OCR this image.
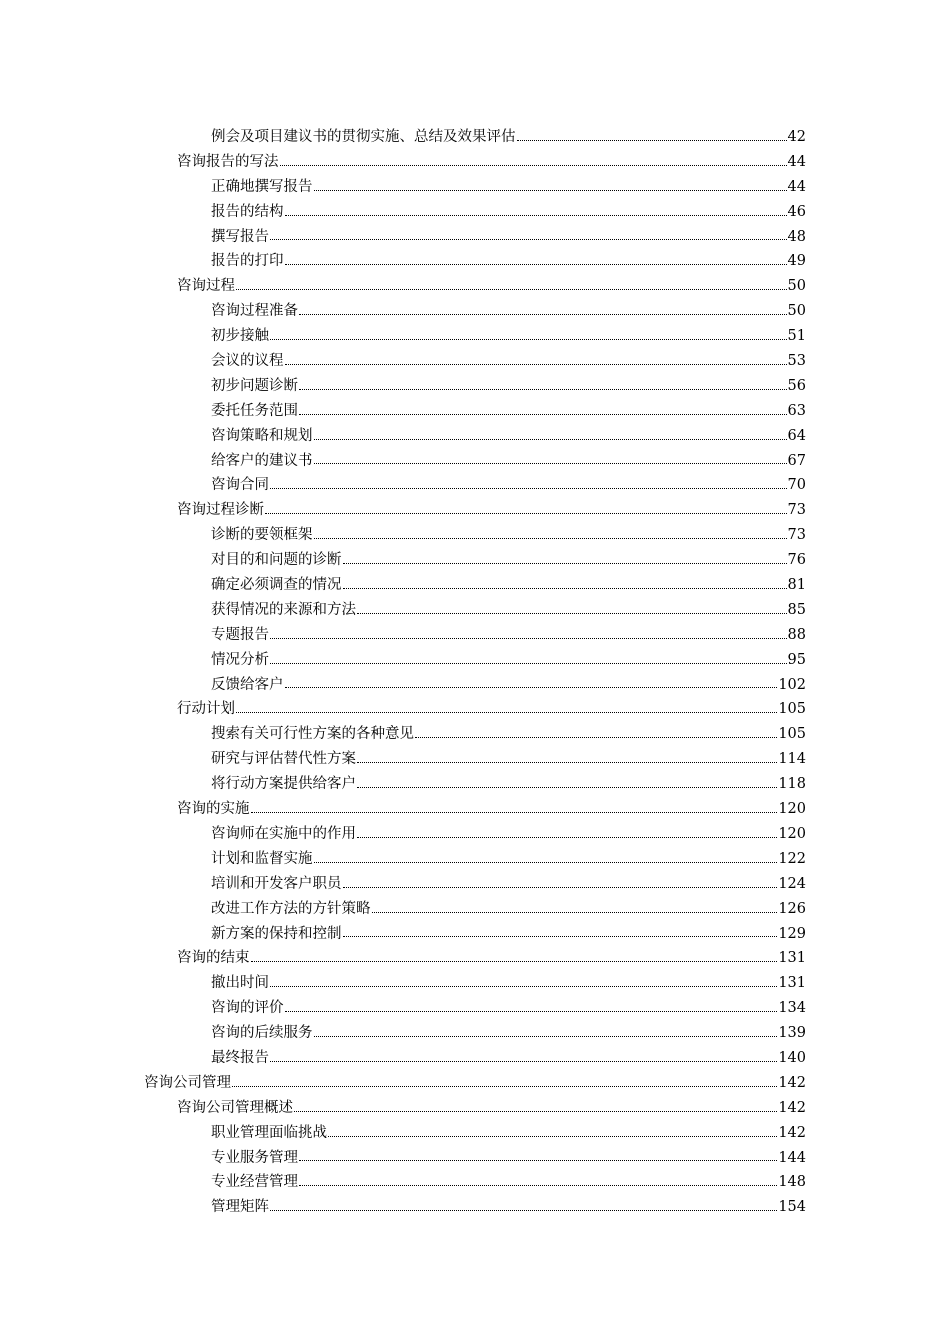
例会及项目建议书的贯彻实施、总结及效果评估	42
咨询报告的写法	44
正确地撰写报告	44
报告的结构	46
撰写报告	48
报告的打印	49
咨询过程	50
咨询过程准备	50
初步接触	51
会议的议程	53
初步问题诊断	56
委托任务范围	63
咨询策略和规划	64
给客户的建议书	67
咨询合同	70
咨询过程诊断	73
诊断的要领框架	73
对目的和问题的诊断	76
确定必须调查的情况	81
获得情况的来源和方法	85
专题报告	88
情况分析	95
反馈给客户	102
行动计划	105
搜索有关可行性方案的各种意见	105
研究与评估替代性方案	114
将行动方案提供给客户	118
咨询的实施	120
咨询师在实施中的作用	120
计划和监督实施	122
培训和开发客户职员	124
改进工作方法的方针策略	126
新方案的保持和控制	129
咨询的结束	131
撤出时间	131
咨询的评价	134
咨询的后续服务	139
最终报告	140
咨询公司管理	142
咨询公司管理概述	142
职业管理面临挑战	142
专业服务管理	144
专业经营管理	148
管理矩阵	154
